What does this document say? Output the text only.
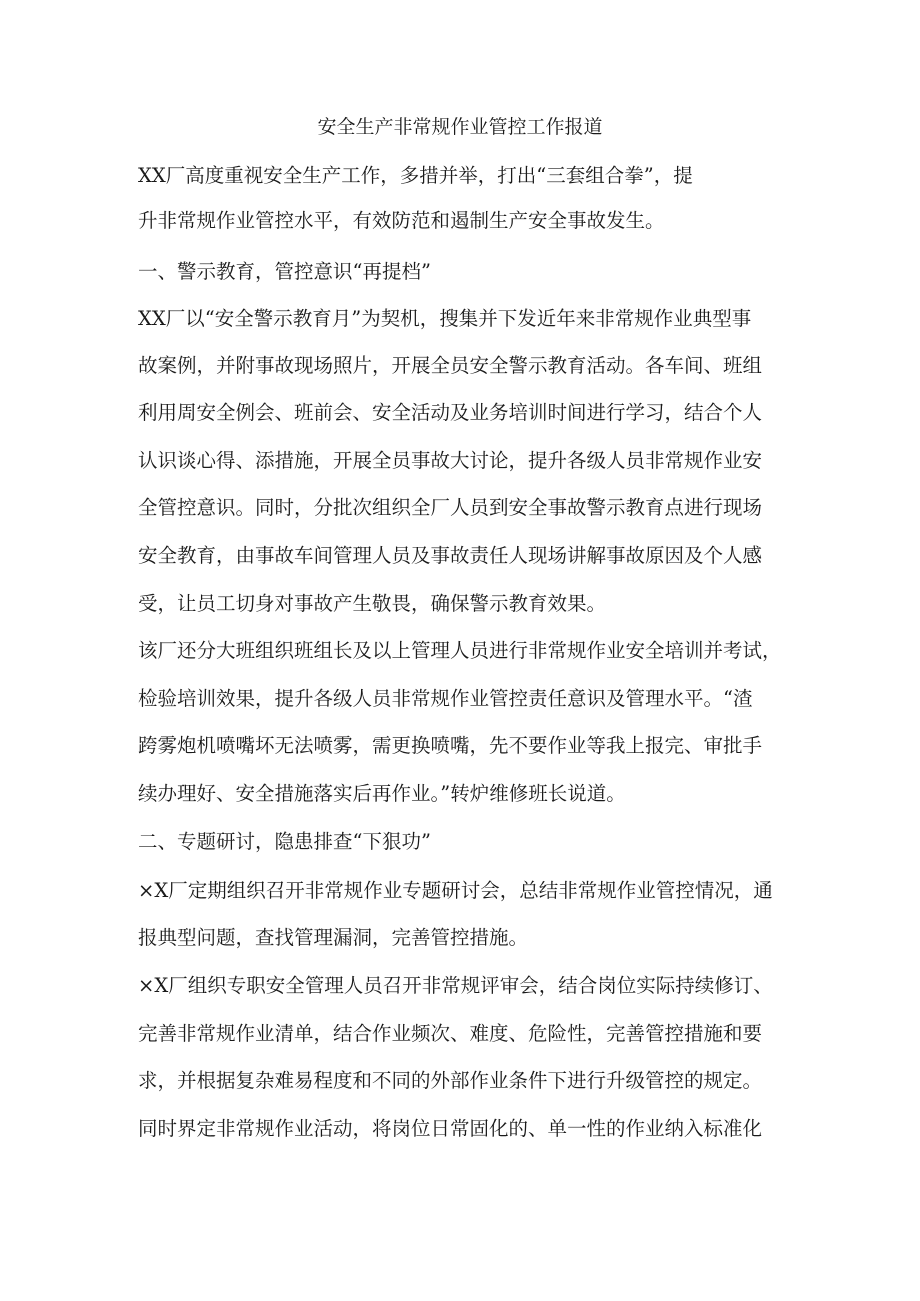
安全生产非常规作业管控工作报道
XX厂高度重视安全生产工作，多措并举，打出“三套组合拳”，提
升非常规作业管控水平，有效防范和遏制生产安全事故发生。
一、警示教育，管控意识“再提档”
XX厂以“安全警示教育月”为契机，搜集并下发近年来非常规作业典型事
故案例，并附事故现场照片，开展全员安全警示教育活动。各车间、班组
利用周安全例会、班前会、安全活动及业务培训时间进行学习，结合个人
认识谈心得、添措施，开展全员事故大讨论，提升各级人员非常规作业安
全管控意识。同时，分批次组织全厂人员到安全事故警示教育点进行现场
安全教育，由事故车间管理人员及事故责任人现场讲解事故原因及个人感
受，让员工切身对事故产生敬畏，确保警示教育效果。
该厂还分大班组织班组长及以上管理人员进行非常规作业安全培训并考试，
检验培训效果，提升各级人员非常规作业管控责任意识及管理水平。“渣
跨雾炮机喷嘴坏无法喷雾，需更换喷嘴，先不要作业等我上报完、审批手
续办理好、安全措施落实后再作业。”转炉维修班长说道。
二、专题研讨，隐患排查“下狠功”
×X厂定期组织召开非常规作业专题研讨会，总结非常规作业管控情况，通
报典型问题，查找管理漏洞，完善管控措施。
×X厂组织专职安全管理人员召开非常规评审会，结合岗位实际持续修订、
完善非常规作业清单，结合作业频次、难度、危险性，完善管控措施和要
求，并根据复杂难易程度和不同的外部作业条件下进行升级管控的规定。
同时界定非常规作业活动，将岗位日常固化的、单一性的作业纳入标准化
